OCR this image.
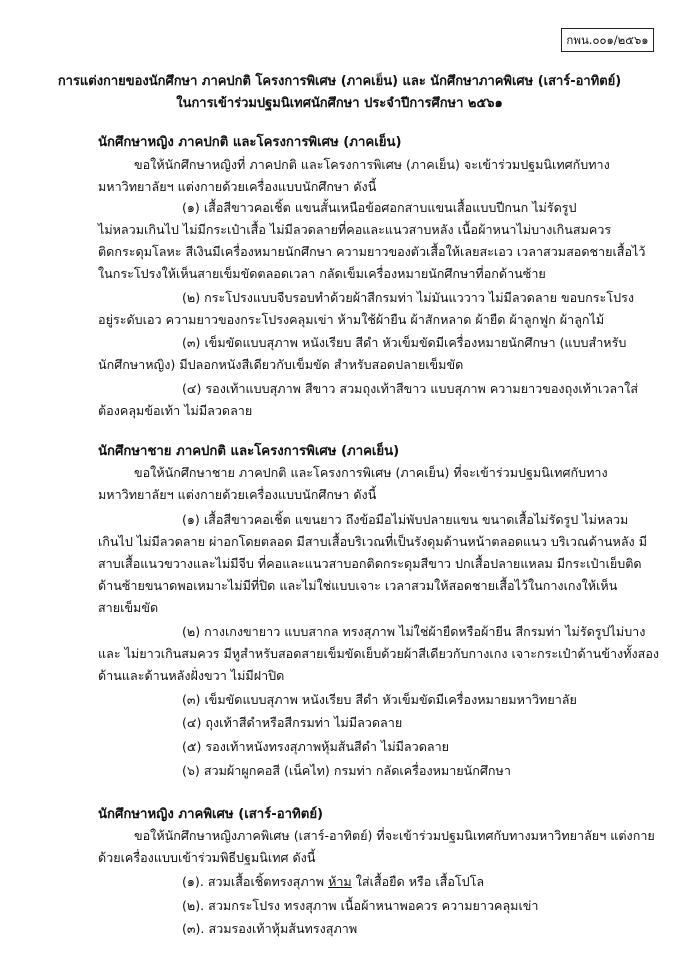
กพน.๐๐๑/๒๕๖๑
การแต่งกายของนักศึกษา ภาคปกติ โครงการพิเศษ (ภาคเย็น) และ นักศึกษาภาคพิเศษ (เสาร์-อาทิตย์)
ในการเข้าร่วมปฐมนิเทศนักศึกษา ประจำปีการศึกษา ๒๕๖๑
นักศึกษาหญิง ภาคปกติ และโครงการพิเศษ (ภาคเย็น)
ขอให้นักศึกษาหญิงที่ ภาคปกติ และโครงการพิเศษ (ภาคเย็น) จะเข้าร่วมปฐมนิเทศกับทาง
มหาวิทยาลัยฯ แต่งกายด้วยเครื่องแบบนักศึกษา ดังนี้
(๑) เสื้อสีขาวคอเชิ้ต แขนสั้นเหนือข้อศอกสาบแขนเสื้อแบบปีกนก ไม่รัดรูป
ไม่หลวมเกินไป ไม่มีกระเป๋าเสื้อ ไม่มีลวดลายที่คอและแนวสาบหลัง เนื้อผ้าหนาไม่บางเกินสมควร
ติดกระดุมโลหะ สีเงินมีเครื่องหมายนักศึกษา ความยาวของตัวเสื้อให้เลยสะเอว เวลาสวมสอดชายเสื้อไว้
ในกระโปรงให้เห็นสายเข็มขัดตลอดเวลา กลัดเข็มเครื่องหมายนักศึกษาที่อกด้านซ้าย
(๒) กระโปรงแบบจีบรอบทำด้วยผ้าสีกรมท่า ไม่มันแววาว ไม่มีลวดลาย ขอบกระโปรง
อยู่ระดับเอว ความยาวของกระโปรงคลุมเข่า ห้ามใช้ผ้ายืน ผ้าสักหลาด ผ้ายืด ผ้าลูกฟูก ผ้าลูกไม้
(๓) เข็มขัดแบบสุภาพ หนังเรียบ สีดำ หัวเข็มขัดมีเครื่องหมายนักศึกษา (แบบสำหรับ
นักศึกษาหญิง) มีปลอกหนังสีเดียวกับเข็มขัด สำหรับสอดปลายเข็มขัด
(๔) รองเท้าแบบสุภาพ สีขาว สวมถุงเท้าสีขาว แบบสุภาพ ความยาวของถุงเท้าเวลาใส่
ต้องคลุมข้อเท้า ไม่มีลวดลาย
นักศึกษาชาย ภาคปกติ และโครงการพิเศษ (ภาคเย็น)
ขอให้นักศึกษาชาย ภาคปกติ และโครงการพิเศษ (ภาคเย็น) ที่จะเข้าร่วมปฐมนิเทศกับทาง
มหาวิทยาลัยฯ แต่งกายด้วยเครื่องแบบนักศึกษา ดังนี้
(๑) เสื้อสีขาวคอเชิ้ต แขนยาว ถึงข้อมือไม่พับปลายแขน ขนาดเสื้อไม่รัดรูป ไม่หลวม
เกินไป ไม่มีลวดลาย ผ่าอกโดยตลอด มีสาบเสื้อบริเวณที่เป็นรังดุมด้านหน้าตลอดแนว บริเวณด้านหลัง มี
สาบเสื้อแนวขวางและไม่มีจีบ ที่คอและแนวสาบอกติดกระดุมสีขาว ปกเสื้อปลายแหลม มีกระเป๋าเย็บติด
ด้านซ้ายขนาดพอเหมาะไม่มีที่ปิด และไม่ใช่แบบเจาะ เวลาสวมให้สอดชายเสื้อไว้ในกางเกงให้เห็น
สายเข็มขัด
(๒) กางเกงขายาว แบบสากล ทรงสุภาพ ไม่ใช่ผ้ายืดหรือผ้ายีน สีกรมท่า ไม่รัดรูปไม่บาง
และ ไม่ยาวเกินสมควร มีหูสำหรับสอดสายเข็มขัดเย็บด้วยผ้าสีเดียวกับกางเกง เจาะกระเป๋าด้านข้างทั้งสอง
ด้านและด้านหลังฝั่งขวา ไม่มีฝาปิด
(๓) เข็มขัดแบบสุภาพ หนังเรียบ สีดำ หัวเข็มขัดมีเครื่องหมายมหาวิทยาลัย
(๔) ถุงเท้าสีดำหรือสีกรมท่า ไม่มีลวดลาย
(๕) รองเท้าหนังทรงสุภาพหุ้มส้นสีดำ ไม่มีลวดลาย
(๖) สวมผ้าผูกคอสี (เน็คไท) กรมท่า กลัดเครื่องหมายนักศึกษา
นักศึกษาหญิง ภาคพิเศษ (เสาร์-อาทิตย์)
ขอให้นักศึกษาหญิงภาคพิเศษ (เสาร์-อาทิตย์) ที่จะเข้าร่วมปฐมนิเทศกับทางมหาวิทยาลัยฯ แต่งกาย
ด้วยเครื่องแบบเข้าร่วมพิธีปฐมนิเทศ ดังนี้
(๑). สวมเสื้อเชิ้ตทรงสุภาพ ห้าม ใส่เสื้อยืด หรือ เสื้อโปโล
(๒). สวมกระโปรง ทรงสุภาพ เนื้อผ้าหนาพอควร ความยาวคลุมเข่า
(๓). สวมรองเท้าหุ้มส้นทรงสุภาพ
